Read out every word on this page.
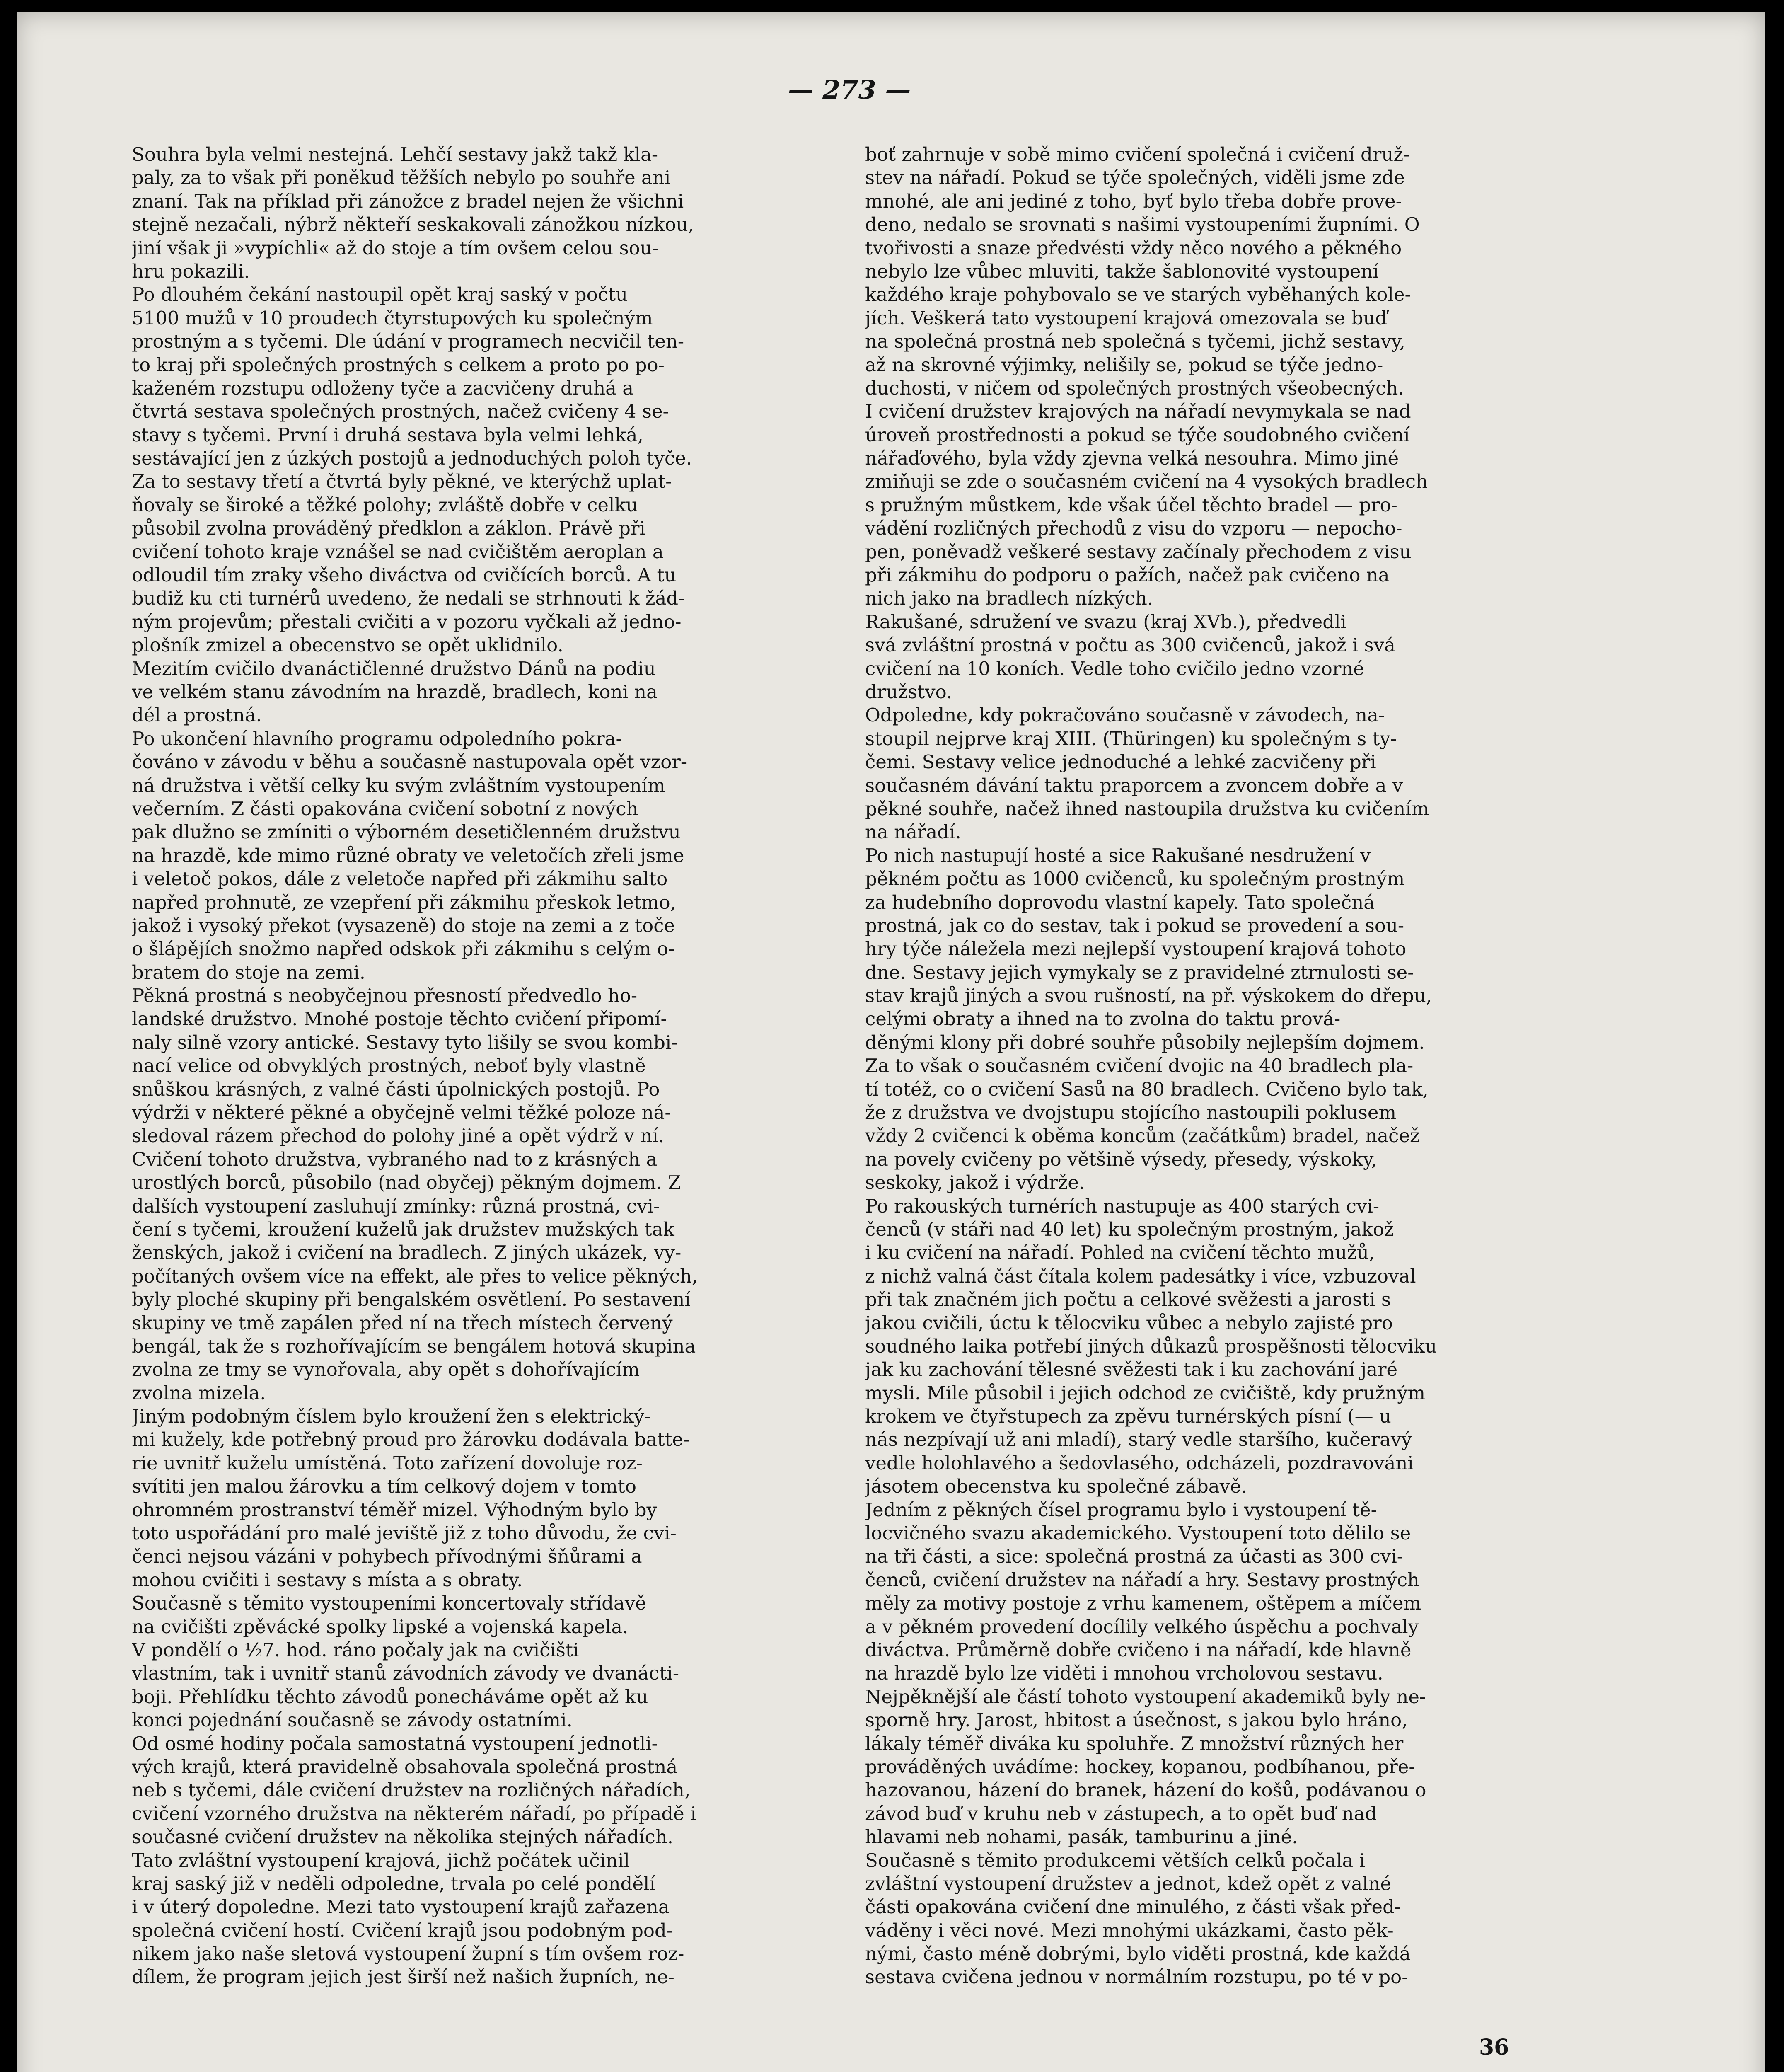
— 273 —
Souhra byla velmi nestejná. Lehčí sestavy jakž takž kla-
paly, za to však při poněkud těžších nebylo po souhře ani
znaní. Tak na příklad při zánožce z bradel nejen že všichni
stejně nezačali, nýbrž někteří seskakovali zánožkou nízkou,
jiní však ji »vypíchli« až do stoje a tím ovšem celou sou-
hru pokazili.
Po dlouhém čekání nastoupil opět kraj saský v počtu
5100 mužů v 10 proudech čtyrstupových ku společným
prostným a s tyčemi. Dle údání v programech necvičil ten-
to kraj při společných prostných s celkem a proto po po-
kaženém rozstupu odloženy tyče a zacvičeny druhá a
čtvrtá sestava společných prostných, načež cvičeny 4 se-
stavy s tyčemi. První i druhá sestava byla velmi lehká,
sestávající jen z úzkých postojů a jednoduchých poloh tyče.
Za to sestavy třetí a čtvrtá byly pěkné, ve kterýchž uplat-
ňovaly se široké a těžké polohy; zvláště dobře v celku
působil zvolna prováděný předklon a záklon. Právě při
cvičení tohoto kraje vznášel se nad cvičištěm aeroplan a
odloudil tím zraky všeho diváctva od cvičících borců. A tu
budiž ku cti turnérů uvedeno, že nedali se strhnouti k žád-
ným projevům; přestali cvičiti a v pozoru vyčkali až jedno-
plošník zmizel a obecenstvo se opět uklidnilo.
Mezitím cvičilo dvanáctičlenné družstvo Dánů na podiu
ve velkém stanu závodním na hrazdě, bradlech, koni na
dél a prostná.
Po ukončení hlavního programu odpoledního pokra-
čováno v závodu v běhu a současně nastupovala opět vzor-
ná družstva i větší celky ku svým zvláštním vystoupením
večerním. Z části opakována cvičení sobotní z nových
pak dlužno se zmíniti o výborném desetičlenném družstvu
na hrazdě, kde mimo různé obraty ve veletočích zřeli jsme
i veletoč pokos, dále z veletoče napřed při zákmihu salto
napřed prohnutě, ze vzepření při zákmihu přeskok letmo,
jakož i vysoký překot (vysazeně) do stoje na zemi a z toče
o šlápějích snožmo napřed odskok při zákmihu s celým o-
bratem do stoje na zemi.
Pěkná prostná s neobyčejnou přesností předvedlo ho-
landské družstvo. Mnohé postoje těchto cvičení připomí-
naly silně vzory antické. Sestavy tyto lišily se svou kombi-
nací velice od obvyklých prostných, neboť byly vlastně
snůškou krásných, z valné části úpolnických postojů. Po
výdrži v některé pěkné a obyčejně velmi těžké poloze ná-
sledoval rázem přechod do polohy jiné a opět výdrž v ní.
Cvičení tohoto družstva, vybraného nad to z krásných a
urostlých borců, působilo (nad obyčej) pěkným dojmem. Z
dalších vystoupení zasluhují zmínky: různá prostná, cvi-
čení s tyčemi, kroužení kuželů jak družstev mužských tak
ženských, jakož i cvičení na bradlech. Z jiných ukázek, vy-
počítaných ovšem více na effekt, ale přes to velice pěkných,
byly ploché skupiny při bengalském osvětlení. Po sestavení
skupiny ve tmě zapálen před ní na třech místech červený
bengál, tak že s rozhořívajícím se bengálem hotová skupina
zvolna ze tmy se vynořovala, aby opět s dohořívajícím
zvolna mizela.
Jiným podobným číslem bylo kroužení žen s elektrický-
mi kužely, kde potřebný proud pro žárovku dodávala batte-
rie uvnitř kuželu umístěná. Toto zařízení dovoluje roz-
svítiti jen malou žárovku a tím celkový dojem v tomto
ohromném prostranství téměř mizel. Výhodným bylo by
toto uspořádání pro malé jeviště již z toho důvodu, že cvi-
čenci nejsou vázáni v pohybech přívodnými šňůrami a
mohou cvičiti i sestavy s místa a s obraty.
Současně s těmito vystoupeními koncertovaly střídavě
na cvičišti zpěvácké spolky lipské a vojenská kapela.
V pondělí o ½7. hod. ráno počaly jak na cvičišti
vlastním, tak i uvnitř stanů závodních závody ve dvanácti-
boji. Přehlídku těchto závodů ponecháváme opět až ku
konci pojednání současně se závody ostatními.
Od osmé hodiny počala samostatná vystoupení jednotli-
vých krajů, která pravidelně obsahovala společná prostná
neb s tyčemi, dále cvičení družstev na rozličných nářadích,
cvičení vzorného družstva na některém nářadí, po případě i
současné cvičení družstev na několika stejných nářadích.
Tato zvláštní vystoupení krajová, jichž počátek učinil
kraj saský již v neděli odpoledne, trvala po celé pondělí
i v úterý dopoledne. Mezi tato vystoupení krajů zařazena
společná cvičení hostí. Cvičení krajů jsou podobným pod-
nikem jako naše sletová vystoupení župní s tím ovšem roz-
dílem, že program jejich jest širší než našich župních, ne-
boť zahrnuje v sobě mimo cvičení společná i cvičení druž-
stev na nářadí. Pokud se týče společných, viděli jsme zde
mnohé, ale ani jediné z toho, byť bylo třeba dobře prove-
deno, nedalo se srovnati s našimi vystoupeními župními. O
tvořivosti a snaze předvésti vždy něco nového a pěkného
nebylo lze vůbec mluviti, takže šablonovité vystoupení
každého kraje pohybovalo se ve starých vyběhaných kole-
jích. Veškerá tato vystoupení krajová omezovala se buď
na společná prostná neb společná s tyčemi, jichž sestavy,
až na skrovné výjimky, nelišily se, pokud se týče jedno-
duchosti, v ničem od společných prostných všeobecných.
I cvičení družstev krajových na nářadí nevymykala se nad
úroveň prostřednosti a pokud se týče soudobného cvičení
nářaďového, byla vždy zjevna velká nesouhra. Mimo jiné
zmiňuji se zde o současném cvičení na 4 vysokých bradlech
s pružným můstkem, kde však účel těchto bradel — pro-
vádění rozličných přechodů z visu do vzporu — nepocho-
pen, poněvadž veškeré sestavy začínaly přechodem z visu
při zákmihu do podporu o pažích, načež pak cvičeno na
nich jako na bradlech nízkých.
Rakušané, sdružení ve svazu (kraj XVb.), předvedli
svá zvláštní prostná v počtu as 300 cvičenců, jakož i svá
cvičení na 10 koních. Vedle toho cvičilo jedno vzorné
družstvo.
Odpoledne, kdy pokračováno současně v závodech, na-
stoupil nejprve kraj XIII. (Thüringen) ku společným s ty-
čemi. Sestavy velice jednoduché a lehké zacvičeny při
současném dávání taktu praporcem a zvoncem dobře a v
pěkné souhře, načež ihned nastoupila družstva ku cvičením
na nářadí.
Po nich nastupují hosté a sice Rakušané nesdružení v
pěkném počtu as 1000 cvičenců, ku společným prostným
za hudebního doprovodu vlastní kapely. Tato společná
prostná, jak co do sestav, tak i pokud se provedení a sou-
hry týče náležela mezi nejlepší vystoupení krajová tohoto
dne. Sestavy jejich vymykaly se z pravidelné ztrnulosti se-
stav krajů jiných a svou rušností, na př. výskokem do dřepu,
celými obraty a ihned na to zvolna do taktu prová-
děnými klony při dobré souhře působily nejlepším dojmem.
Za to však o současném cvičení dvojic na 40 bradlech pla-
tí totéž, co o cvičení Sasů na 80 bradlech. Cvičeno bylo tak,
že z družstva ve dvojstupu stojícího nastoupili poklusem
vždy 2 cvičenci k oběma koncům (začátkům) bradel, načež
na povely cvičeny po většině výsedy, přesedy, výskoky,
seskoky, jakož i výdrže.
Po rakouských turnérích nastupuje as 400 starých cvi-
čenců (v stáři nad 40 let) ku společným prostným, jakož
i ku cvičení na nářadí. Pohled na cvičení těchto mužů,
z nichž valná část čítala kolem padesátky i více, vzbuzoval
při tak značném jich počtu a celkové svěžesti a jarosti s
jakou cvičili, úctu k tělocviku vůbec a nebylo zajisté pro
soudného laika potřebí jiných důkazů prospěšnosti tělocviku
jak ku zachování tělesné svěžesti tak i ku zachování jaré
mysli. Mile působil i jejich odchod ze cvičiště, kdy pružným
krokem ve čtyřstupech za zpěvu turnérských písní (— u
nás nezpívají už ani mladí), starý vedle staršího, kučeravý
vedle holohlavého a šedovlasého, odcházeli, pozdravováni
jásotem obecenstva ku společné zábavě.
Jedním z pěkných čísel programu bylo i vystoupení tě-
locvičného svazu akademického. Vystoupení toto dělilo se
na tři části, a sice: společná prostná za účasti as 300 cvi-
čenců, cvičení družstev na nářadí a hry. Sestavy prostných
měly za motivy postoje z vrhu kamenem, oštěpem a míčem
a v pěkném provedení docílily velkého úspěchu a pochvaly
diváctva. Průměrně dobře cvičeno i na nářadí, kde hlavně
na hrazdě bylo lze viděti i mnohou vrcholovou sestavu.
Nejpěknější ale částí tohoto vystoupení akademiků byly ne-
sporně hry. Jarost, hbitost a úsečnost, s jakou bylo hráno,
lákaly téměř diváka ku spoluhře. Z množství různých her
prováděných uvádíme: hockey, kopanou, podbíhanou, pře-
hazovanou, házení do branek, házení do košů, podávanou o
závod buď v kruhu neb v zástupech, a to opět buď nad
hlavami neb nohami, pasák, tamburinu a jiné.
Současně s těmito produkcemi větších celků počala i
zvláštní vystoupení družstev a jednot, kdež opět z valné
části opakována cvičení dne minulého, z části však před-
váděny i věci nové. Mezi mnohými ukázkami, často pěk-
nými, často méně dobrými, bylo viděti prostná, kde každá
sestava cvičena jednou v normálním rozstupu, po té v po-
36
